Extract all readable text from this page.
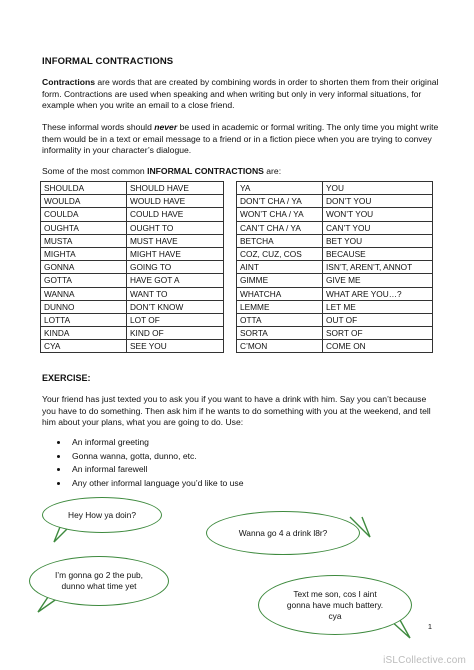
INFORMAL CONTRACTIONS

Contractions are words that are created by combining words in order to shorten them from their original form. Contractions are used when speaking and when writing but only in very informal situations, for example when you write an email to a close friend.

These informal words should never be used in academic or formal writing. The only time you might write them would be in a text or email message to a friend or in a fiction piece when you are trying to convey informality in your character’s dialogue.

Some of the most common INFORMAL CONTRACTIONS are:

SHOULDA	SHOULD HAVE
WOULDA	WOULD HAVE
COULDA	COULD HAVE
OUGHTA	OUGHT TO
MUSTA	MUST HAVE
MIGHTA	MIGHT HAVE
GONNA	GOING TO
GOTTA	HAVE GOT A
WANNA	WANT TO
DUNNO	DON’T KNOW
LOTTA	LOT OF
KINDA	KIND OF
CYA	SEE YOU
YA	YOU
DON’T CHA / YA	DON’T YOU
WON’T CHA / YA	WON’T YOU
CAN’T CHA / YA	CAN’T YOU
BETCHA	BET YOU
COZ, CUZ, COS	BECAUSE
AINT	ISN’T, AREN’T, ANNOT
GIMME	GIVE ME
WHATCHA	WHAT ARE YOU…?
LEMME	LET ME
OTTA	OUT OF
SORTA	SORT OF
C’MON	COME ON
EXERCISE:

Your friend has just texted you to ask you if you want to have a drink with him. Say you can’t because you have to do something. Then ask him if he wants to do something with you at the weekend, and tell him about your plans, what you are going to do. Use:

• An informal greeting
• Gonna wanna, gotta, dunno, etc.
• An informal farewell
• Any other informal language you’d like to use
Hey How ya doin?
Wanna go 4 a drink l8r?
I’m gonna go 2 the pub,
dunno what time yet
Text me son, cos I aint
gonna have much battery.
cya
1
iSLCollective.com
